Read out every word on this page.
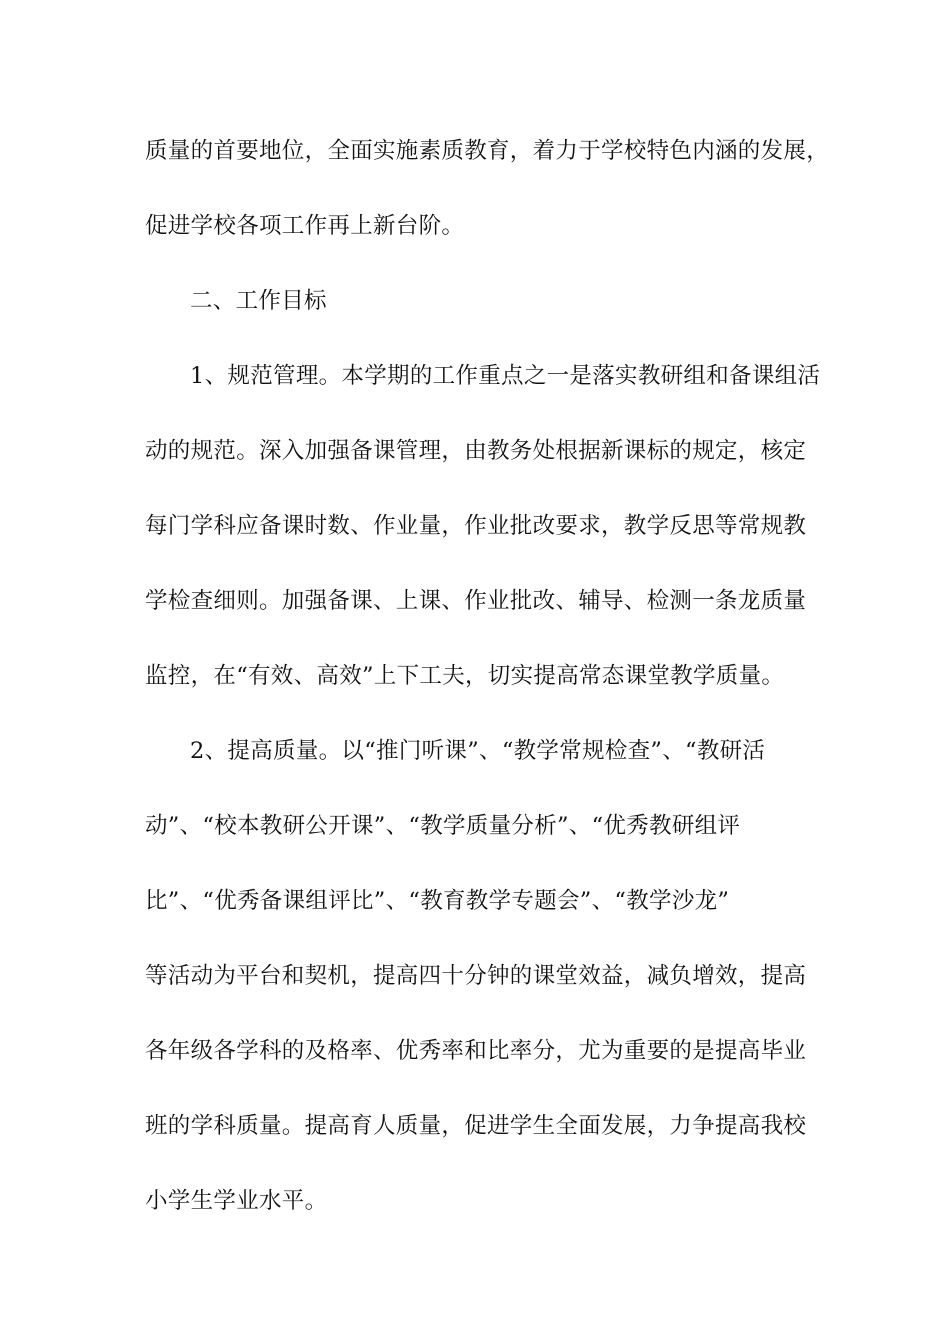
质量的首要地位，全面实施素质教育，着力于学校特色内涵的发展，
促进学校各项工作再上新台阶。
二、工作目标
1、规范管理。本学期的工作重点之一是落实教研组和备课组活
动的规范。深入加强备课管理，由教务处根据新课标的规定，核定
每门学科应备课时数、作业量，作业批改要求，教学反思等常规教
学检查细则。加强备课、上课、作业批改、辅导、检测一条龙质量
监控，在“有效、高效”上下工夫，切实提高常态课堂教学质量。
2、提高质量。以“推门听课”、“教学常规检查”、“教研活
动”、“校本教研公开课”、“教学质量分析”、“优秀教研组评
比”、“优秀备课组评比”、“教育教学专题会”、“教学沙龙”
等活动为平台和契机，提高四十分钟的课堂效益，减负增效，提高
各年级各学科的及格率、优秀率和比率分，尤为重要的是提高毕业
班的学科质量。提高育人质量，促进学生全面发展，力争提高我校
小学生学业水平。
